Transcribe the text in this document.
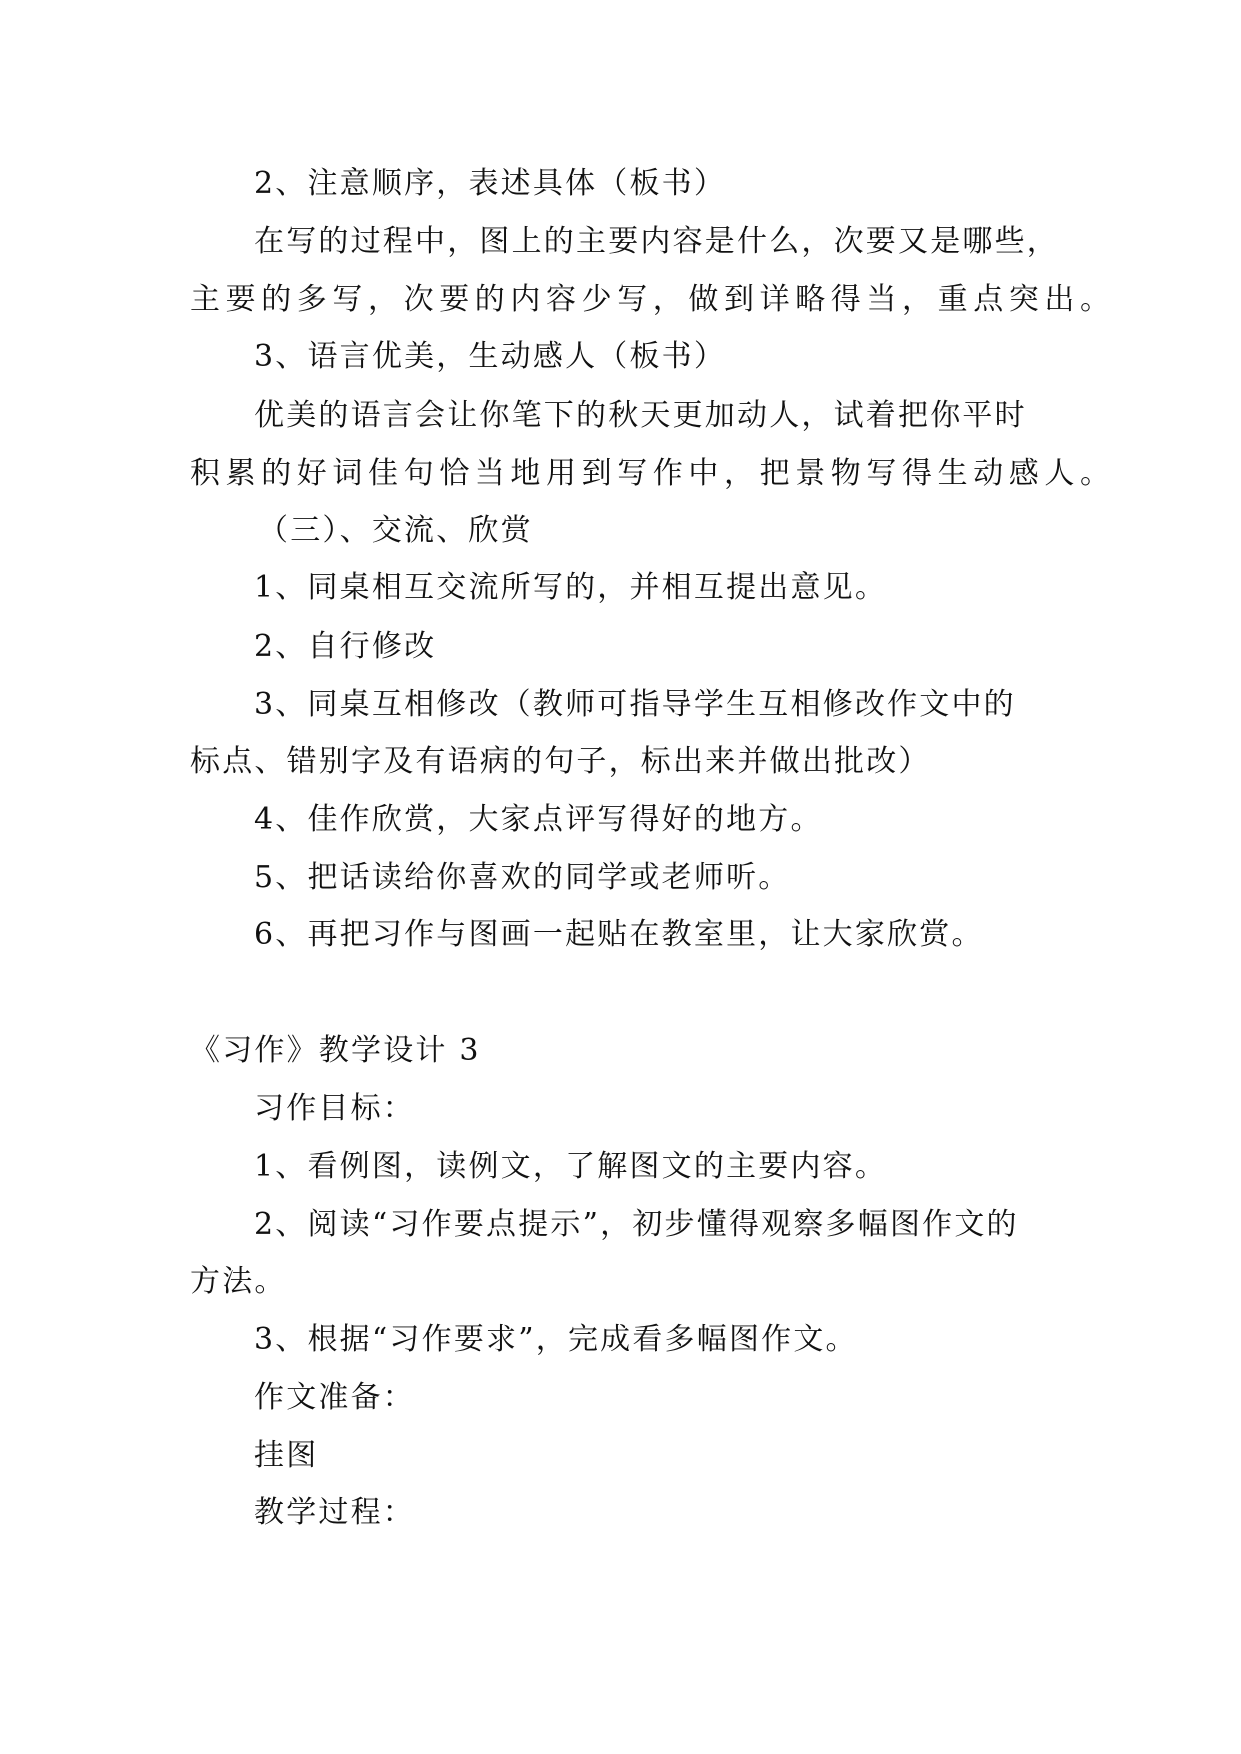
2、注意顺序，表述具体（板书）
在写的过程中，图上的主要内容是什么，次要又是哪些，
主要的多写，次要的内容少写，做到详略得当，重点突出。
3、语言优美，生动感人（板书）
优美的语言会让你笔下的秋天更加动人，试着把你平时
积累的好词佳句恰当地用到写作中，把景物写得生动感人。
（三）、交流、欣赏
1、同桌相互交流所写的，并相互提出意见。
2、自行修改
3、同桌互相修改（教师可指导学生互相修改作文中的
标点、错别字及有语病的句子，标出来并做出批改）
4、佳作欣赏，大家点评写得好的地方。
5、把话读给你喜欢的同学或老师听。
6、再把习作与图画一起贴在教室里，让大家欣赏。
《习作》教学设计 3
习作目标：
1、看例图，读例文，了解图文的主要内容。
2、阅读“习作要点提示”，初步懂得观察多幅图作文的
方法。
3、根据“习作要求”，完成看多幅图作文。
作文准备：
挂图
教学过程：
